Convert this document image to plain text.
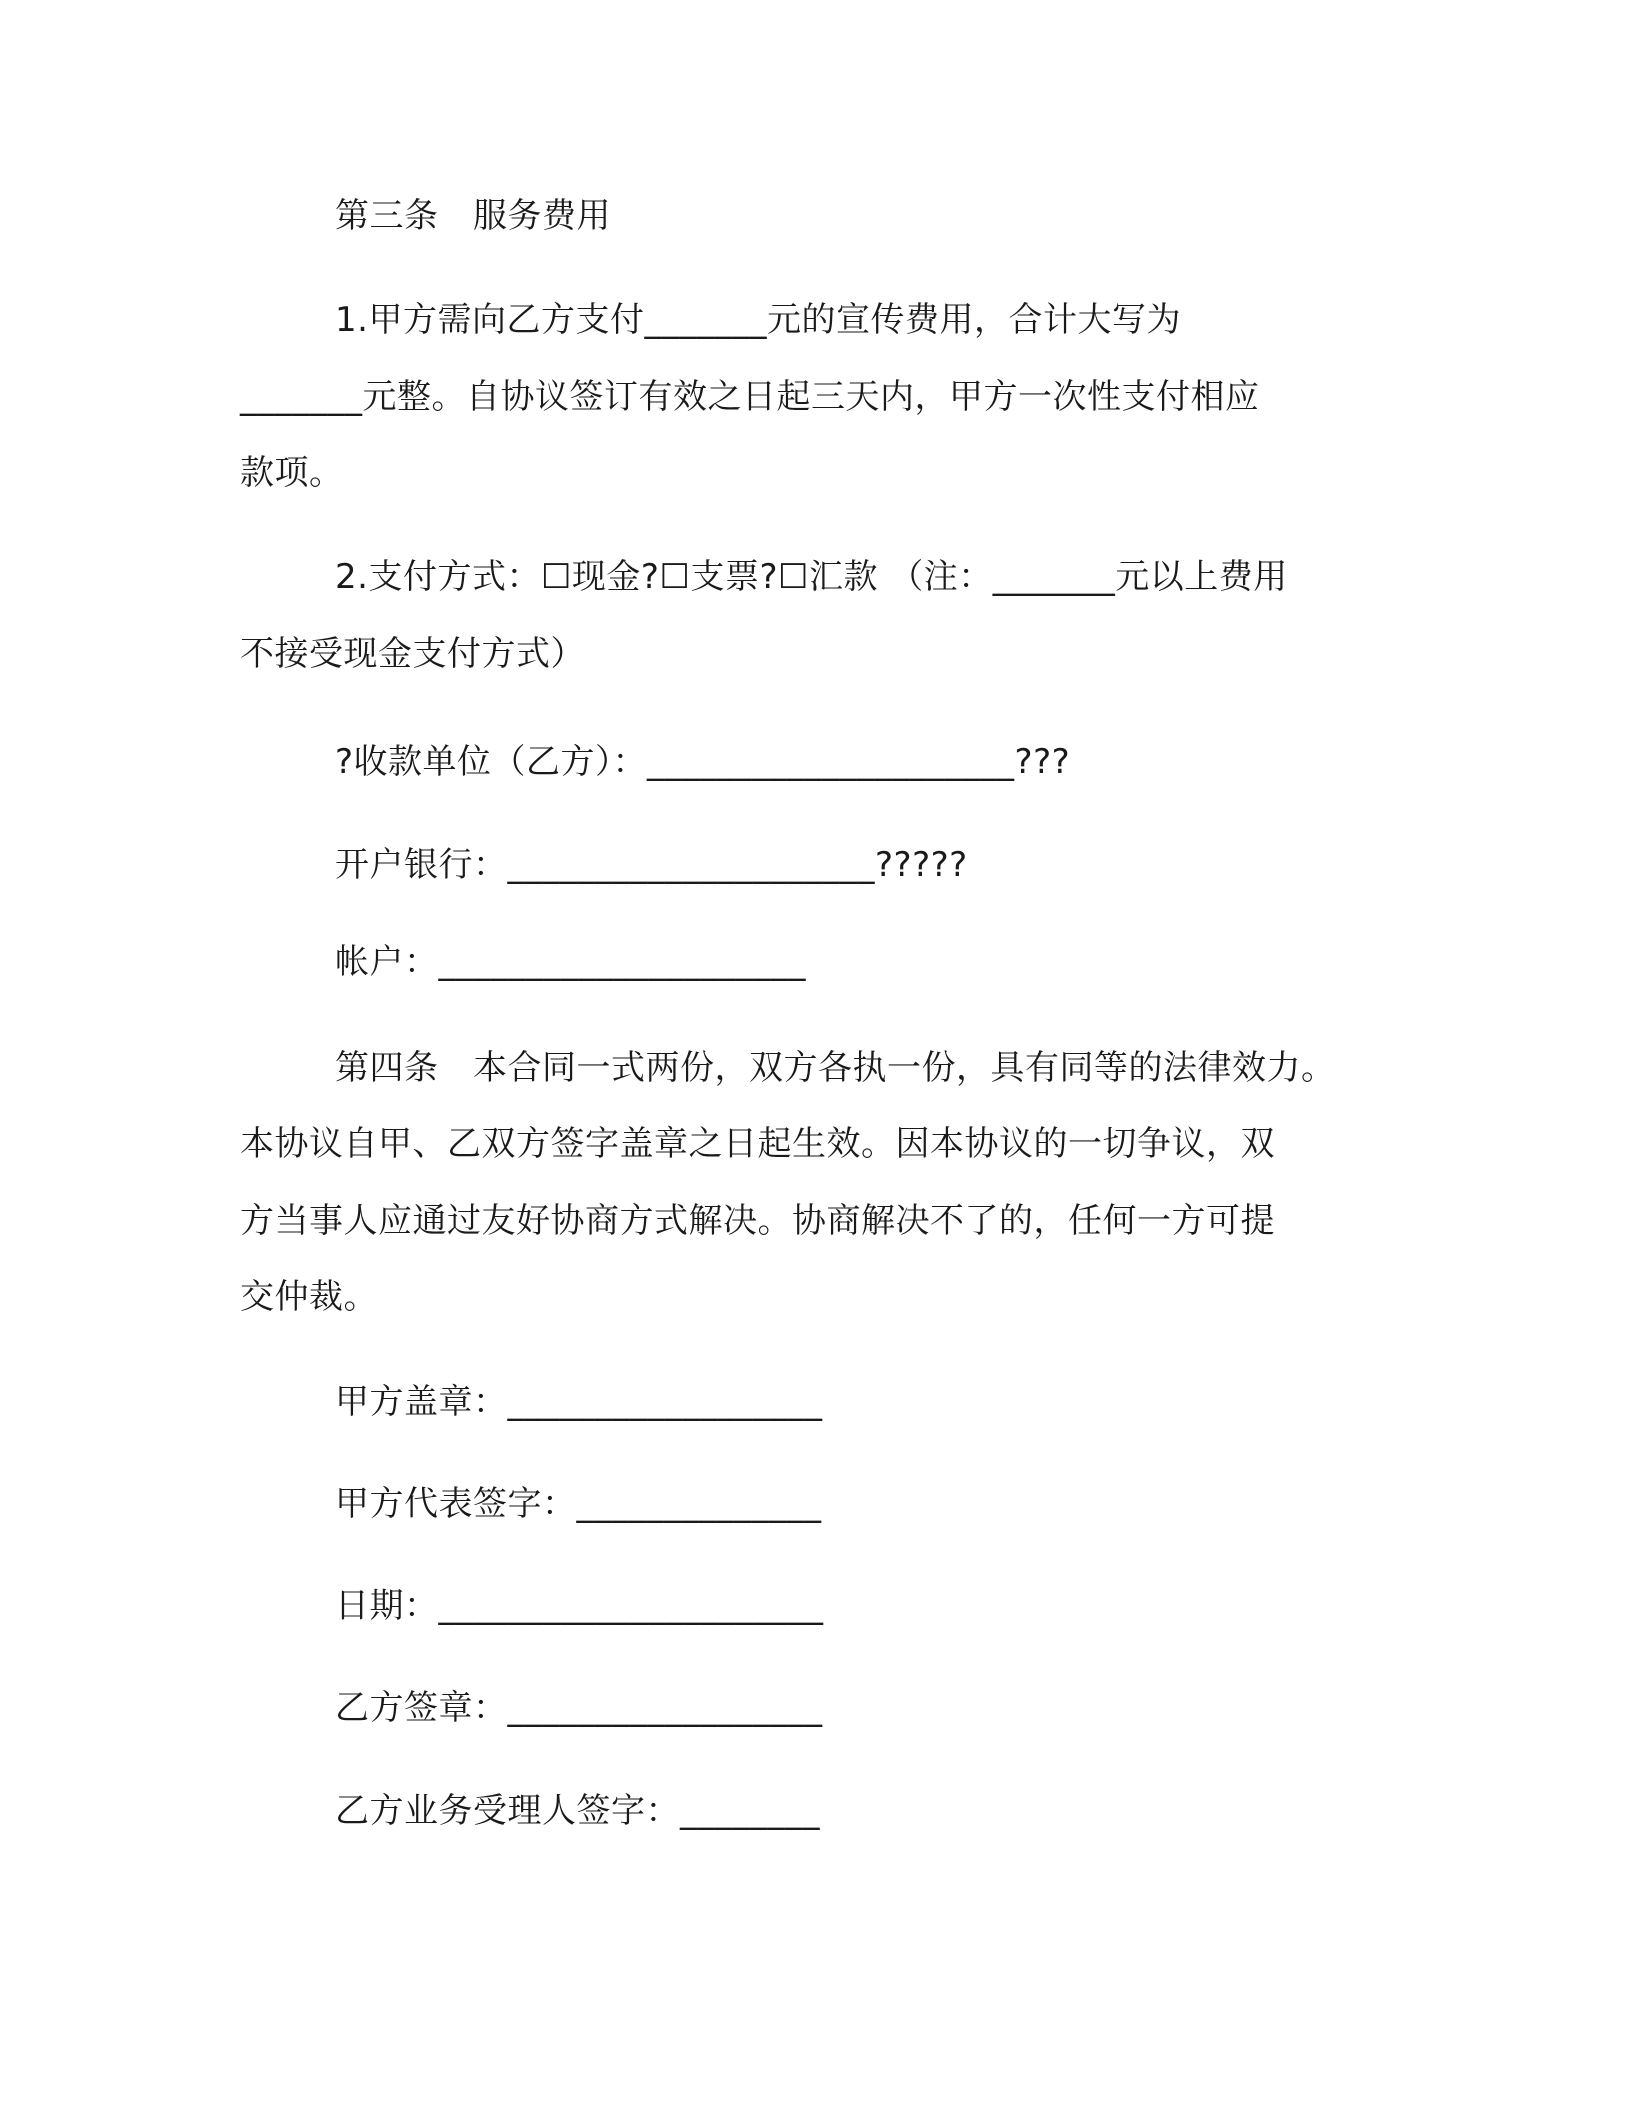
第三条　服务费用
1.甲方需向乙方支付_______元的宣传费用，合计大写为
_______元整。自协议签订有效之日起三天内，甲方一次性支付相应
款项。
2.支付方式：☐现金?☐支票?☐汇款 （注：_______元以上费用
不接受现金支付方式）
?收款单位（乙方）：_____________________???
开户银行：_____________________?????
帐户：_____________________
第四条　本合同一式两份，双方各执一份，具有同等的法律效力。
本协议自甲、乙双方签字盖章之日起生效。因本协议的一切争议，双
方当事人应通过友好协商方式解决。协商解决不了的，任何一方可提
交仲裁。
甲方盖章：__________________
甲方代表签字：______________
日期：______________________
乙方签章：__________________
乙方业务受理人签字：________
